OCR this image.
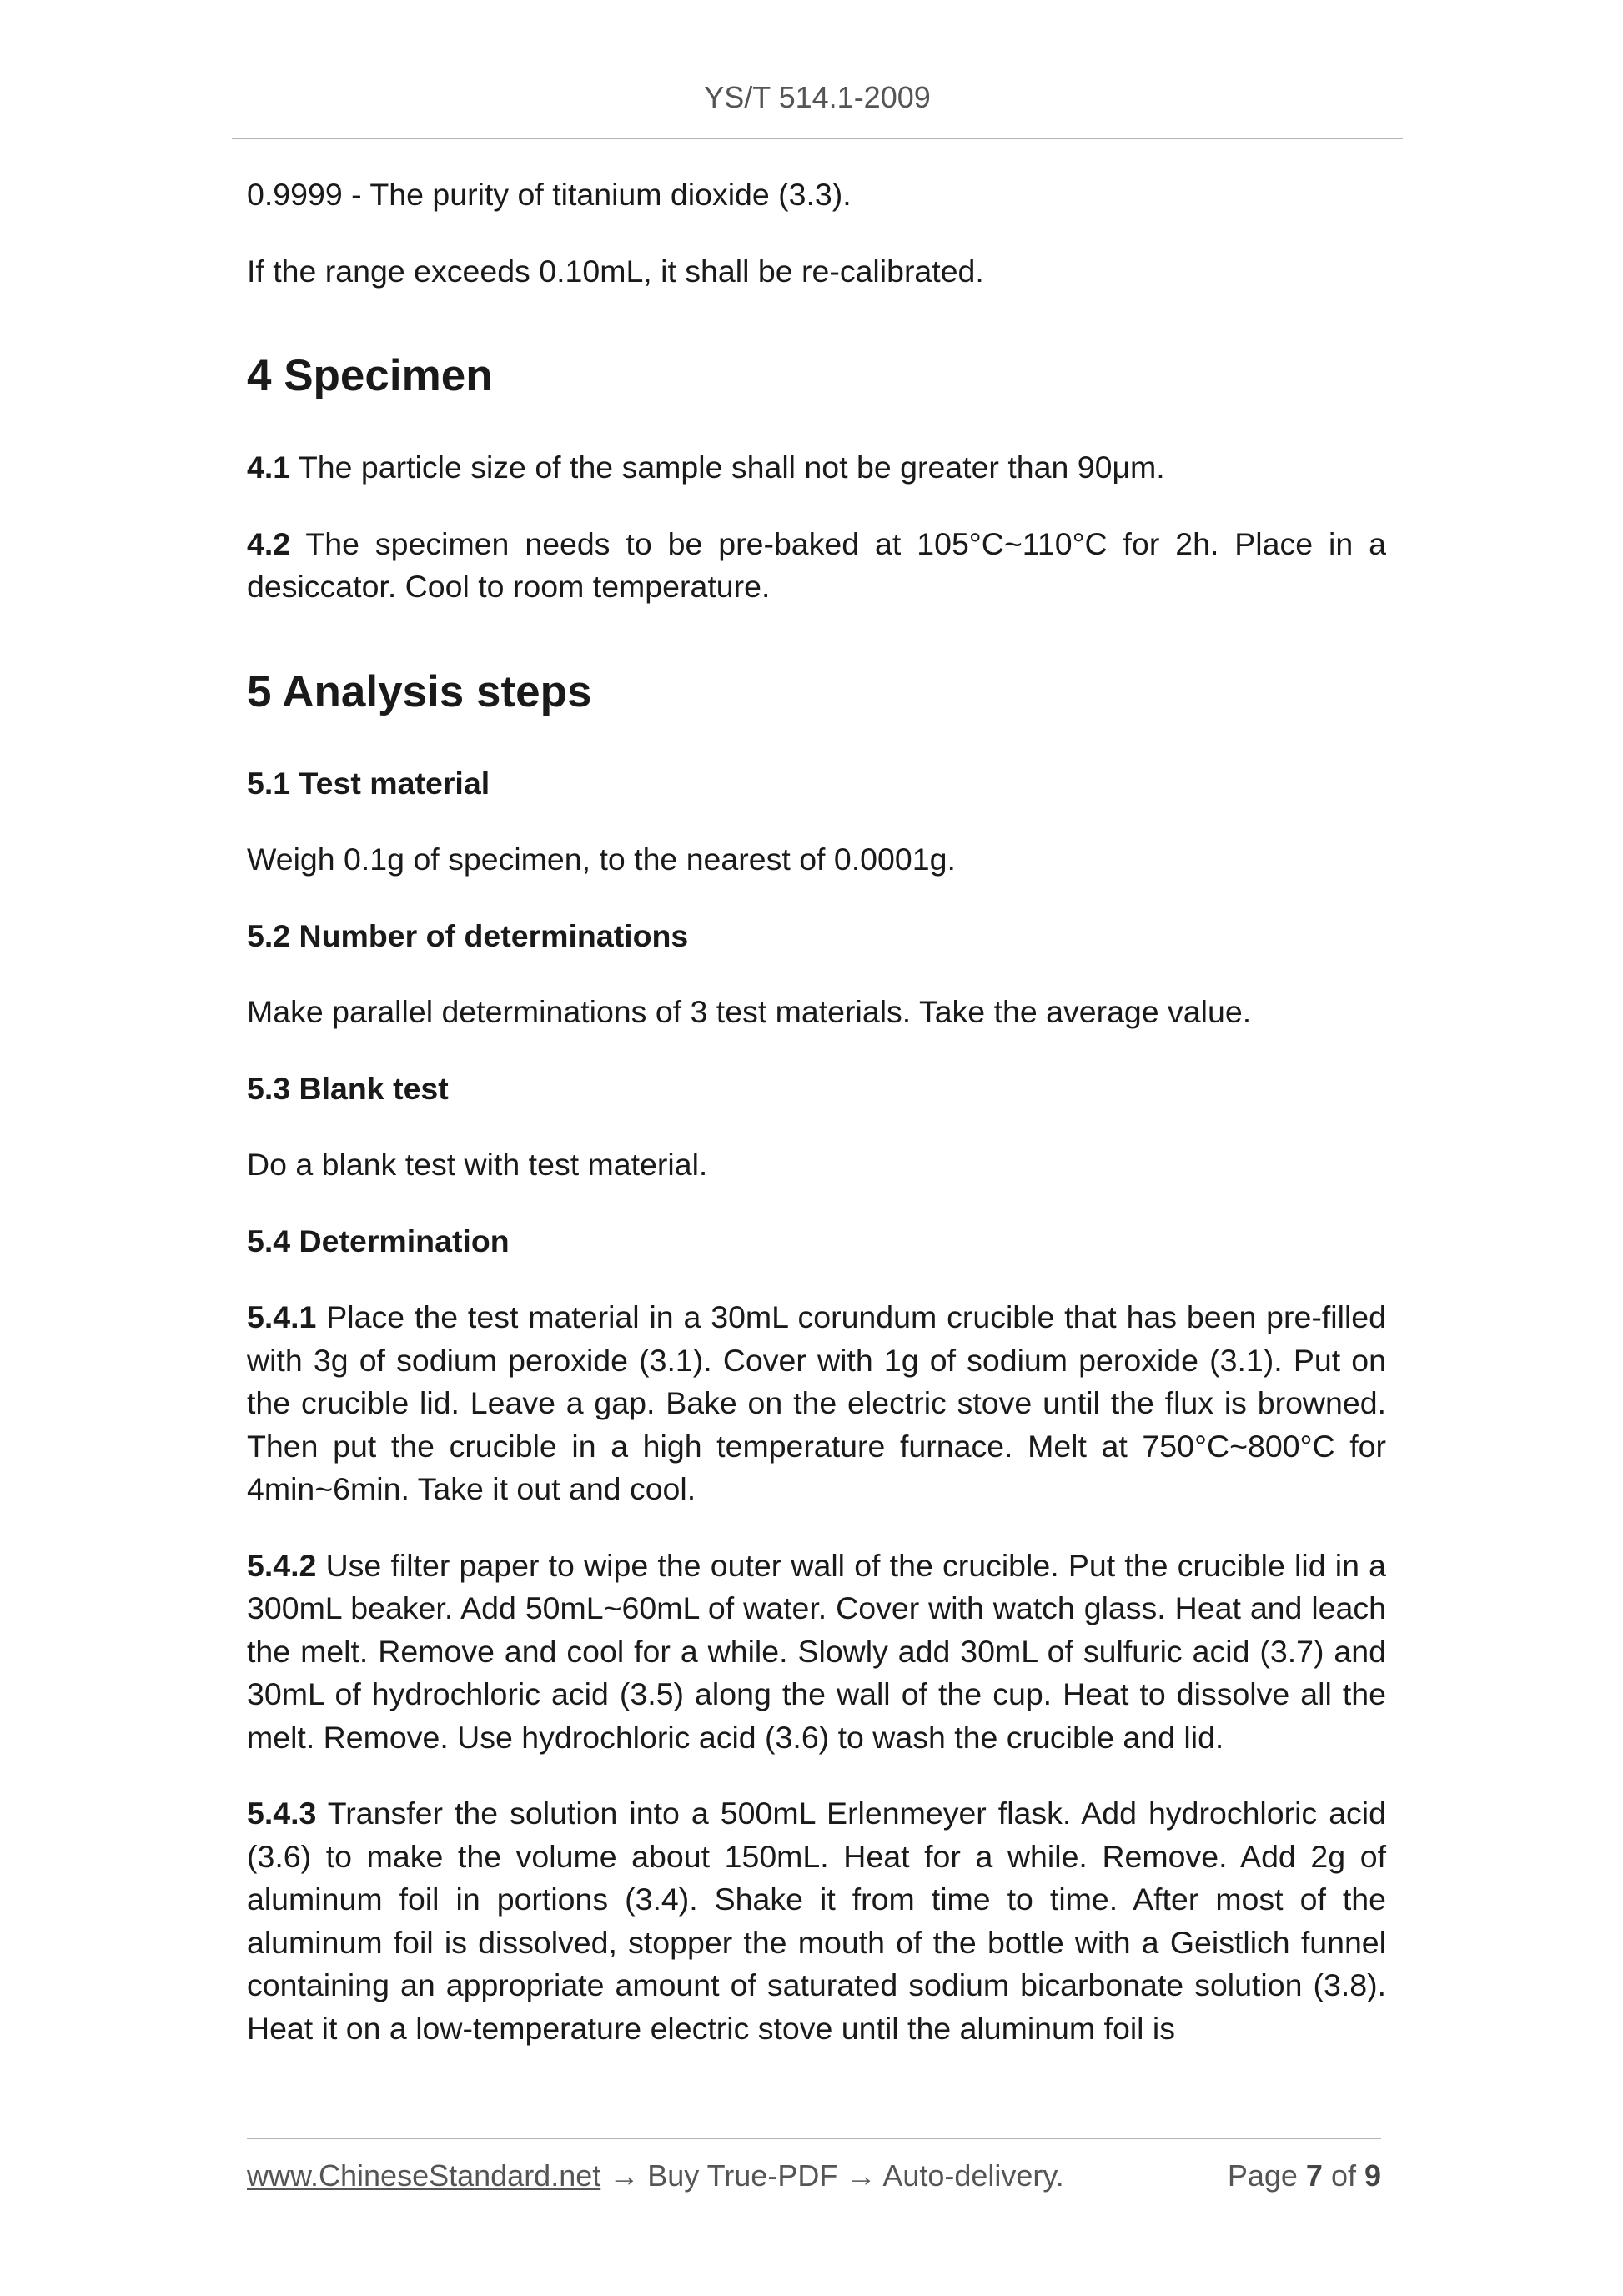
YS/T 514.1-2009

0.9999 - The purity of titanium dioxide (3.3).

If the range exceeds 0.10mL, it shall be re-calibrated.

4 Specimen

4.1 The particle size of the sample shall not be greater than 90μm.

4.2 The specimen needs to be pre-baked at 105°C~110°C for 2h. Place in a desiccator. Cool to room temperature.

5 Analysis steps
5.1 Test material

Weigh 0.1g of specimen, to the nearest of 0.0001g.

5.2 Number of determinations

Make parallel determinations of 3 test materials. Take the average value.

5.3 Blank test

Do a blank test with test material.

5.4 Determination

5.4.1 Place the test material in a 30mL corundum crucible that has been pre-filled with 3g of sodium peroxide (3.1). Cover with 1g of sodium peroxide (3.1). Put on the crucible lid. Leave a gap. Bake on the electric stove until the flux is browned. Then put the crucible in a high temperature furnace. Melt at 750°C~800°C for 4min~6min. Take it out and cool.

5.4.2 Use filter paper to wipe the outer wall of the crucible. Put the crucible lid in a 300mL beaker. Add 50mL~60mL of water. Cover with watch glass. Heat and leach the melt. Remove and cool for a while. Slowly add 30mL of sulfuric acid (3.7) and 30mL of hydrochloric acid (3.5) along the wall of the cup. Heat to dissolve all the melt. Remove. Use hydrochloric acid (3.6) to wash the crucible and lid.

5.4.3 Transfer the solution into a 500mL Erlenmeyer flask. Add hydrochloric acid (3.6) to make the volume about 150mL. Heat for a while. Remove. Add 2g of aluminum foil in portions (3.4). Shake it from time to time. After most of the aluminum foil is dissolved, stopper the mouth of the bottle with a Geistlich funnel containing an appropriate amount of saturated sodium bicarbonate solution (3.8). Heat it on a low-temperature electric stove until the aluminum foil is

www.ChineseStandard.net → Buy True-PDF → Auto-delivery.	Page 7 of 9
